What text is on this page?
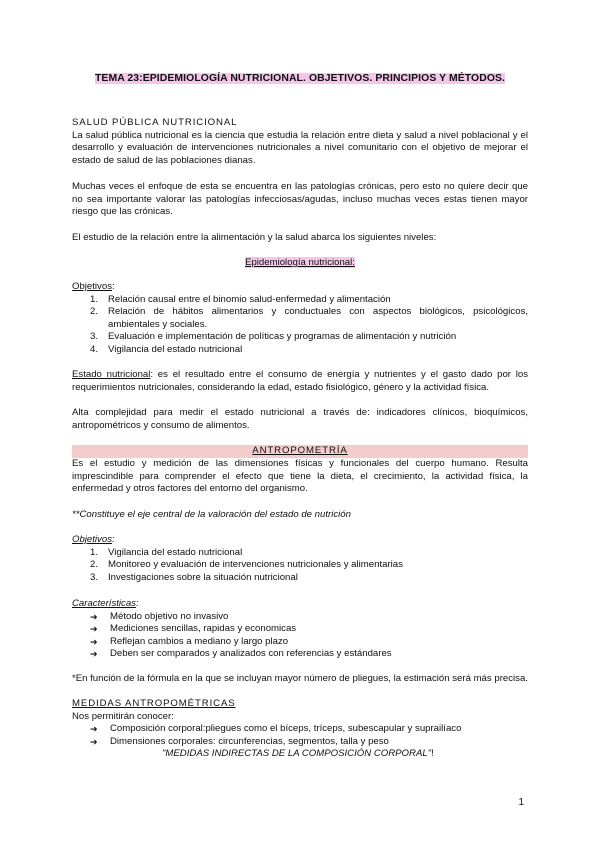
TEMA 23:EPIDEMIOLOGÍA NUTRICIONAL. OBJETIVOS. PRINCIPIOS Y MÉTODOS.
SALUD PÚBLICA NUTRICIONAL

La salud pública nutricional es la ciencia que estudia la relación entre dieta y salud a nivel poblacional y el desarrollo y evaluación de intervenciones nutricionales a nivel comunitario con el objetivo de mejorar el estado de salud de las poblaciones dianas.

Muchas veces el enfoque de esta se encuentra en las patologías crónicas, pero esto no quiere decir que no sea importante valorar las patologías infecciosas/agudas, incluso muchas veces estas tienen mayor riesgo que las crónicas.

El estudio de la relación entre la alimentación y la salud abarca los siguientes niveles:

Epidemiología nutricional:
Objetivos:
1. Relación causal entre el binomio salud-enfermedad y alimentación
2. Relación de hábitos alimentarios y conductuales con aspectos biológicos, psicológicos, ambientales y sociales.
3. Evaluación e implementación de políticas y programas de alimentación y nutrición
4. Vigilancia del estado nutricional

Estado nutricional: es el resultado entre el consumo de energía y nutrientes y el gasto dado por los requerimientos nutricionales, considerando la edad, estado fisiológico, género y la actividad física.

Alta complejidad para medir el estado nutricional a través de: indicadores clínicos, bioquímicos, antropométricos y consumo de alimentos.

ANTROPOMETRÍA

Es el estudio y medición de las dimensiones físicas y funcionales del cuerpo humano. Resulta imprescindible para comprender el efecto que tiene la dieta, el crecimiento, la actividad física, la enfermedad y otros factores del entorno del organismo.

**Constituye el eje central de la valoración del estado de nutrición

Objetivos:
1. Vigilancia del estado nutricional
2. Monitoreo y evaluación de intervenciones nutricionales y alimentarias
3. Investigaciones sobre la situación nutricional
Características:
➔ Método objetivo no invasivo
➔ Mediciones sencillas, rapidas y economicas
➔ Reflejan cambios a mediano y largo plazo
➔ Deben ser comparados y analizados con referencias y estándares

*En función de la fórmula en la que se incluyan mayor número de pliegues, la estimación será más precisa.

MEDIDAS ANTROPOMÉTRICAS
Nos permitirán conocer:
➔ Composición corporal:pliegues como el bíceps, tríceps, subescapular y suprailíaco
➔ Dimensiones corporales: circunferencias, segmentos, talla y peso
"MEDIDAS INDIRECTAS DE LA COMPOSICIÓN CORPORAL"!
1
